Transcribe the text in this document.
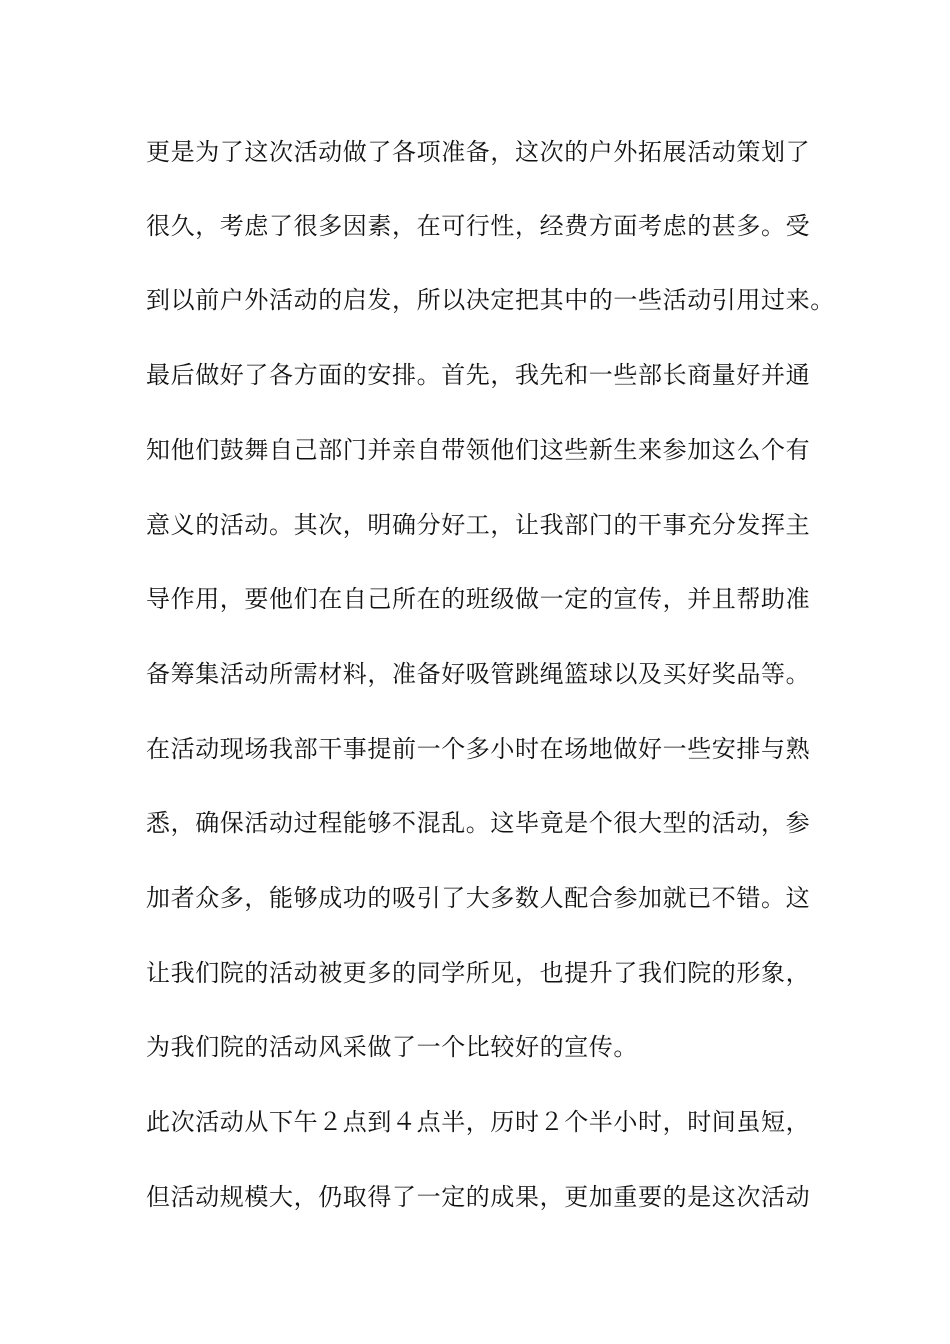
更是为了这次活动做了各项准备，这次的户外拓展活动策划了
很久，考虑了很多因素，在可行性，经费方面考虑的甚多。受
到以前户外活动的启发，所以决定把其中的一些活动引用过来。
最后做好了各方面的安排。首先，我先和一些部长商量好并通
知他们鼓舞自己部门并亲自带领他们这些新生来参加这么个有
意义的活动。其次，明确分好工，让我部门的干事充分发挥主
导作用，要他们在自己所在的班级做一定的宣传，并且帮助准
备筹集活动所需材料，准备好吸管跳绳篮球以及买好奖品等。
在活动现场我部干事提前一个多小时在场地做好一些安排与熟
悉，确保活动过程能够不混乱。这毕竟是个很大型的活动，参
加者众多，能够成功的吸引了大多数人配合参加就已不错。这
让我们院的活动被更多的同学所见，也提升了我们院的形象，
为我们院的活动风采做了一个比较好的宣传。
此次活动从下午２点到４点半，历时２个半小时，时间虽短，
但活动规模大，仍取得了一定的成果，更加重要的是这次活动
